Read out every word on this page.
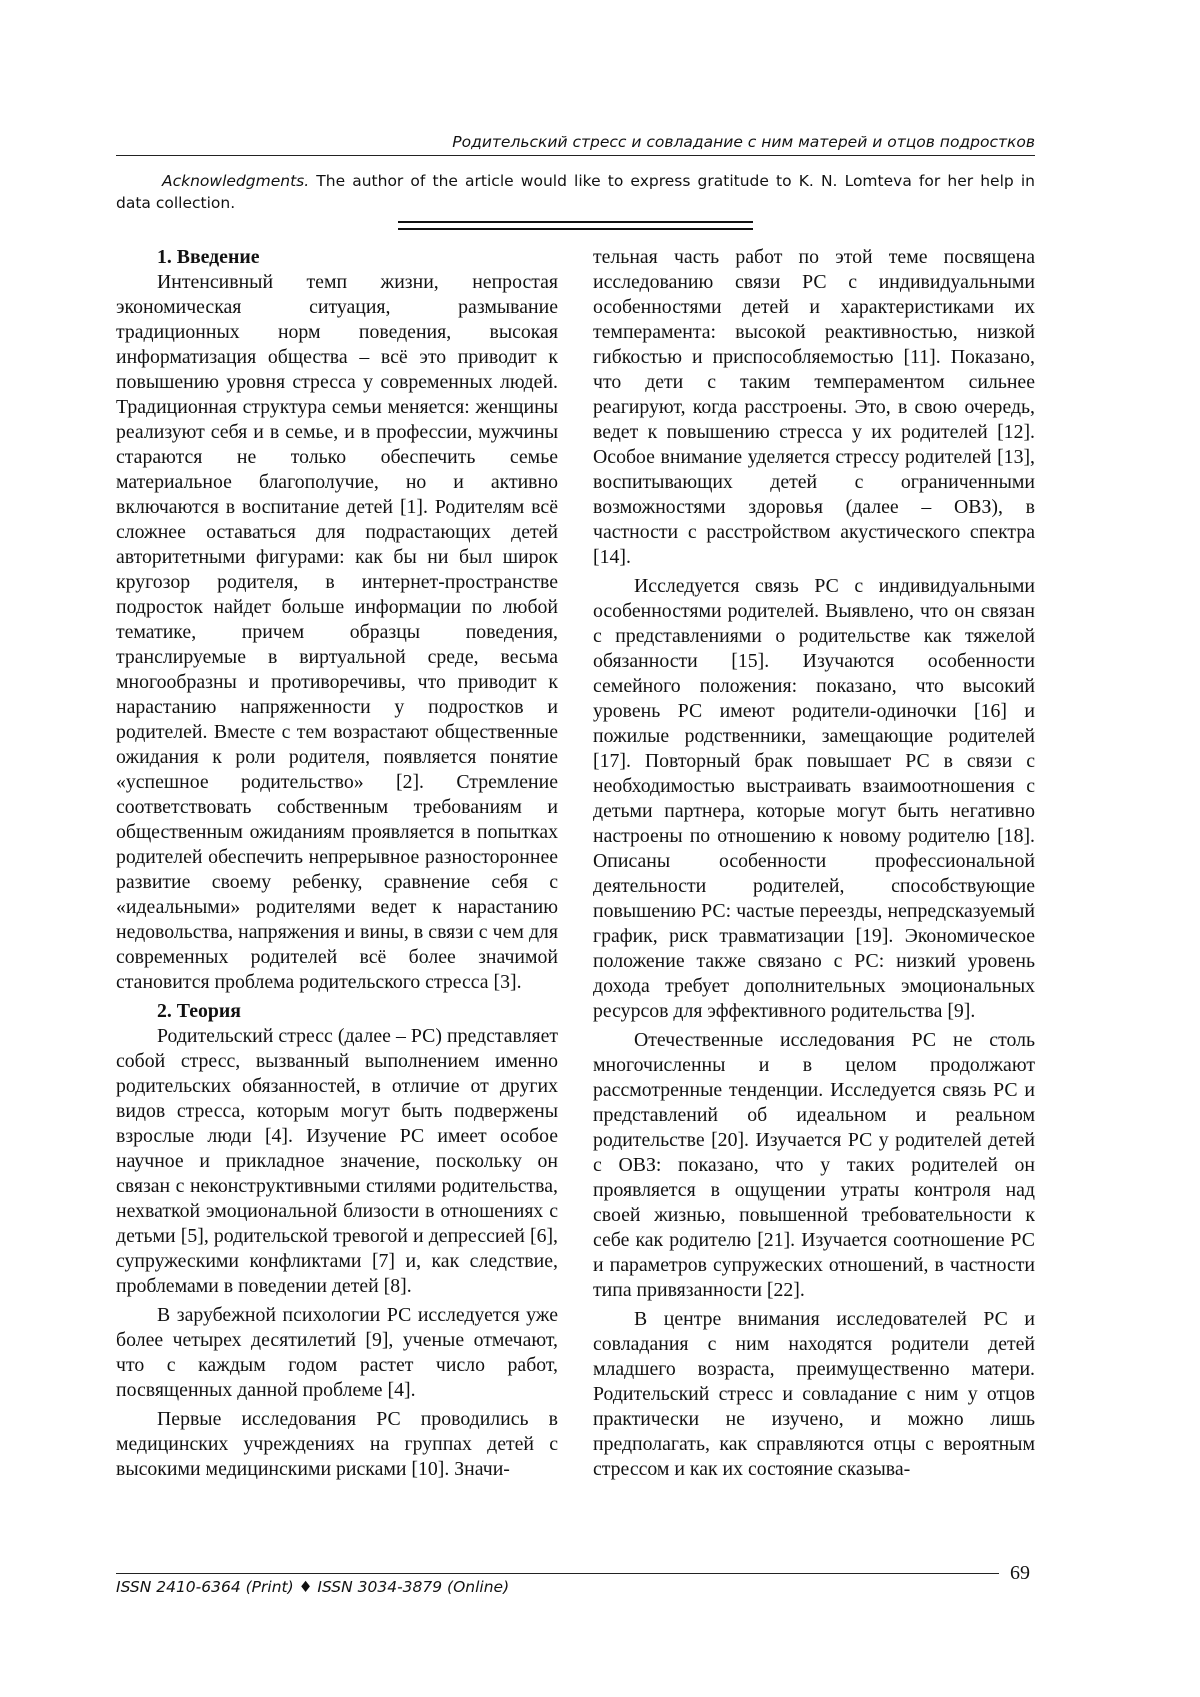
Родительский стресс и совладание с ним матерей и отцов подростков

Acknowledgments. The author of the article would like to express gratitude to K. N. Lomteva for her help in data collection.

1. Введение

Интенсивный темп жизни, непростая экономическая ситуация, размывание традиционных норм поведения, высокая информатизация общества – всё это приводит к повышению уровня стресса у современных людей. Традиционная структура семьи меняется: женщины реализуют себя и в семье, и в профессии, мужчины стараются не только обеспечить семье материальное благополучие, но и активно включаются в воспитание детей [1]. Родителям всё сложнее оставаться для подрастающих детей авторитетными фигурами: как бы ни был широк кругозор родителя, в интернет-пространстве подросток найдет больше информации по любой тематике, причем образцы поведения, транслируемые в виртуальной среде, весьма многообразны и противоречивы, что приводит к нарастанию напряженности у подростков и родителей. Вместе с тем возрастают общественные ожидания к роли родителя, появляется понятие «успешное родительство» [2]. Стремление соответствовать собственным требованиям и общественным ожиданиям проявляется в попытках родителей обеспечить непрерывное разностороннее развитие своему ребенку, сравнение себя с «идеальными» родителями ведет к нарастанию недовольства, напряжения и вины, в связи с чем для современных родителей всё более значимой становится проблема родительского стресса [3].

2. Теория

Родительский стресс (далее – РС) представляет собой стресс, вызванный выполнением именно родительских обязанностей, в отличие от других видов стресса, которым могут быть подвержены взрослые люди [4]. Изучение РС имеет особое научное и прикладное значение, поскольку он связан с неконструктивными стилями родительства, нехваткой эмоциональной близости в отношениях с детьми [5], родительской тревогой и депрессией [6], супружескими конфликтами [7] и, как следствие, проблемами в поведении детей [8].

В зарубежной психологии РС исследуется уже более четырех десятилетий [9], ученые отмечают, что с каждым годом растет число работ, посвященных данной проблеме [4].

Первые исследования РС проводились в медицинских учреждениях на группах детей с высокими медицинскими рисками [10]. Значи-

тельная часть работ по этой теме посвящена исследованию связи РС с индивидуальными особенностями детей и характеристиками их темперамента: высокой реактивностью, низкой гибкостью и приспособляемостью [11]. Показано, что дети с таким темпераментом сильнее реагируют, когда расстроены. Это, в свою очередь, ведет к повышению стресса у их родителей [12]. Особое внимание уделяется стрессу родителей [13], воспитывающих детей с ограниченными возможностями здоровья (далее – ОВЗ), в частности с расстройством акустического спектра [14].

Исследуется связь РС с индивидуальными особенностями родителей. Выявлено, что он связан с представлениями о родительстве как тяжелой обязанности [15]. Изучаются особенности семейного положения: показано, что высокий уровень РС имеют родители-одиночки [16] и пожилые родственники, замещающие родителей [17]. Повторный брак повышает РС в связи с необходимостью выстраивать взаимоотношения с детьми партнера, которые могут быть негативно настроены по отношению к новому родителю [18]. Описаны особенности профессиональной деятельности родителей, способствующие повышению РС: частые переезды, непредсказуемый график, риск травматизации [19]. Экономическое положение также связано с РС: низкий уровень дохода требует дополнительных эмоциональных ресурсов для эффективного родительства [9].

Отечественные исследования РС не столь многочисленны и в целом продолжают рассмотренные тенденции. Исследуется связь РС и представлений об идеальном и реальном родительстве [20]. Изучается РС у родителей детей с ОВЗ: показано, что у таких родителей он проявляется в ощущении утраты контроля над своей жизнью, повышенной требовательности к себе как родителю [21]. Изучается соотношение РС и параметров супружеских отношений, в частности типа привязанности [22].

В центре внимания исследователей РС и совладания с ним находятся родители детей младшего возраста, преимущественно матери. Родительский стресс и совладание с ним у отцов практически не изучено, и можно лишь предполагать, как справляются отцы с вероятным стрессом и как их состояние сказыва-

ISSN 2410-6364 (Print) ♦ ISSN 3034-3879 (Online)
69
